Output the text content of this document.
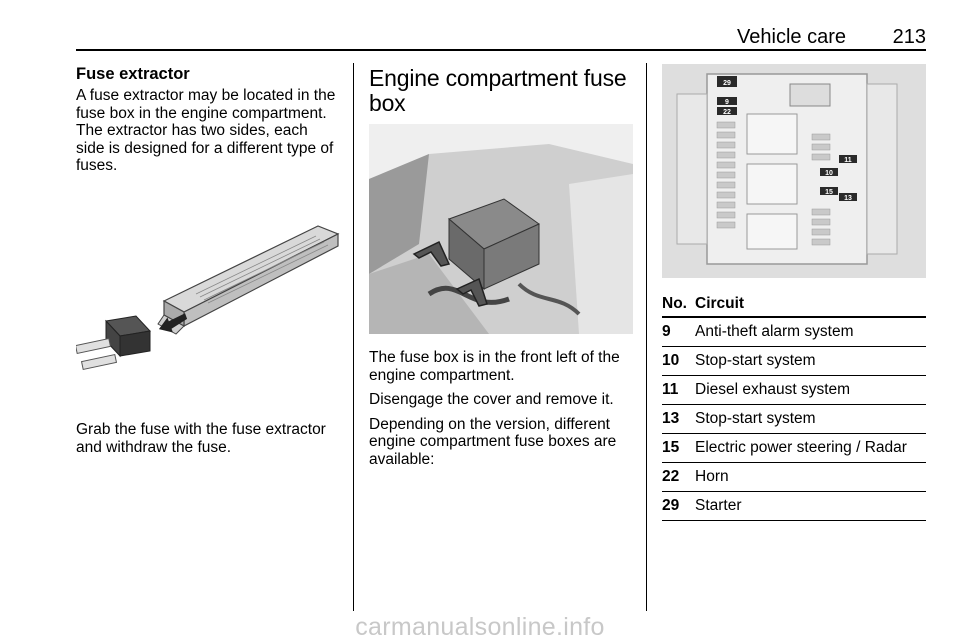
Vehicle care 213
Fuse extractor

A fuse extractor may be located in the fuse box in the engine compartment. The extractor has two sides, each side is designed for a different type of fuses.

Grab the fuse with the fuse extractor and withdraw the fuse.

Engine compartment fuse box

The fuse box is in the front left of the engine compartment.

Disengage the cover and remove it.

Depending on the version, different engine compartment fuse boxes are available:

29
9
22
11
10
15
13
No.	Circuit
9	Anti-theft alarm system
10	Stop-start system
11	Diesel exhaust system
13	Stop-start system
15	Electric power steering / Radar
22	Horn
29	Starter
carmanualsonline.info
